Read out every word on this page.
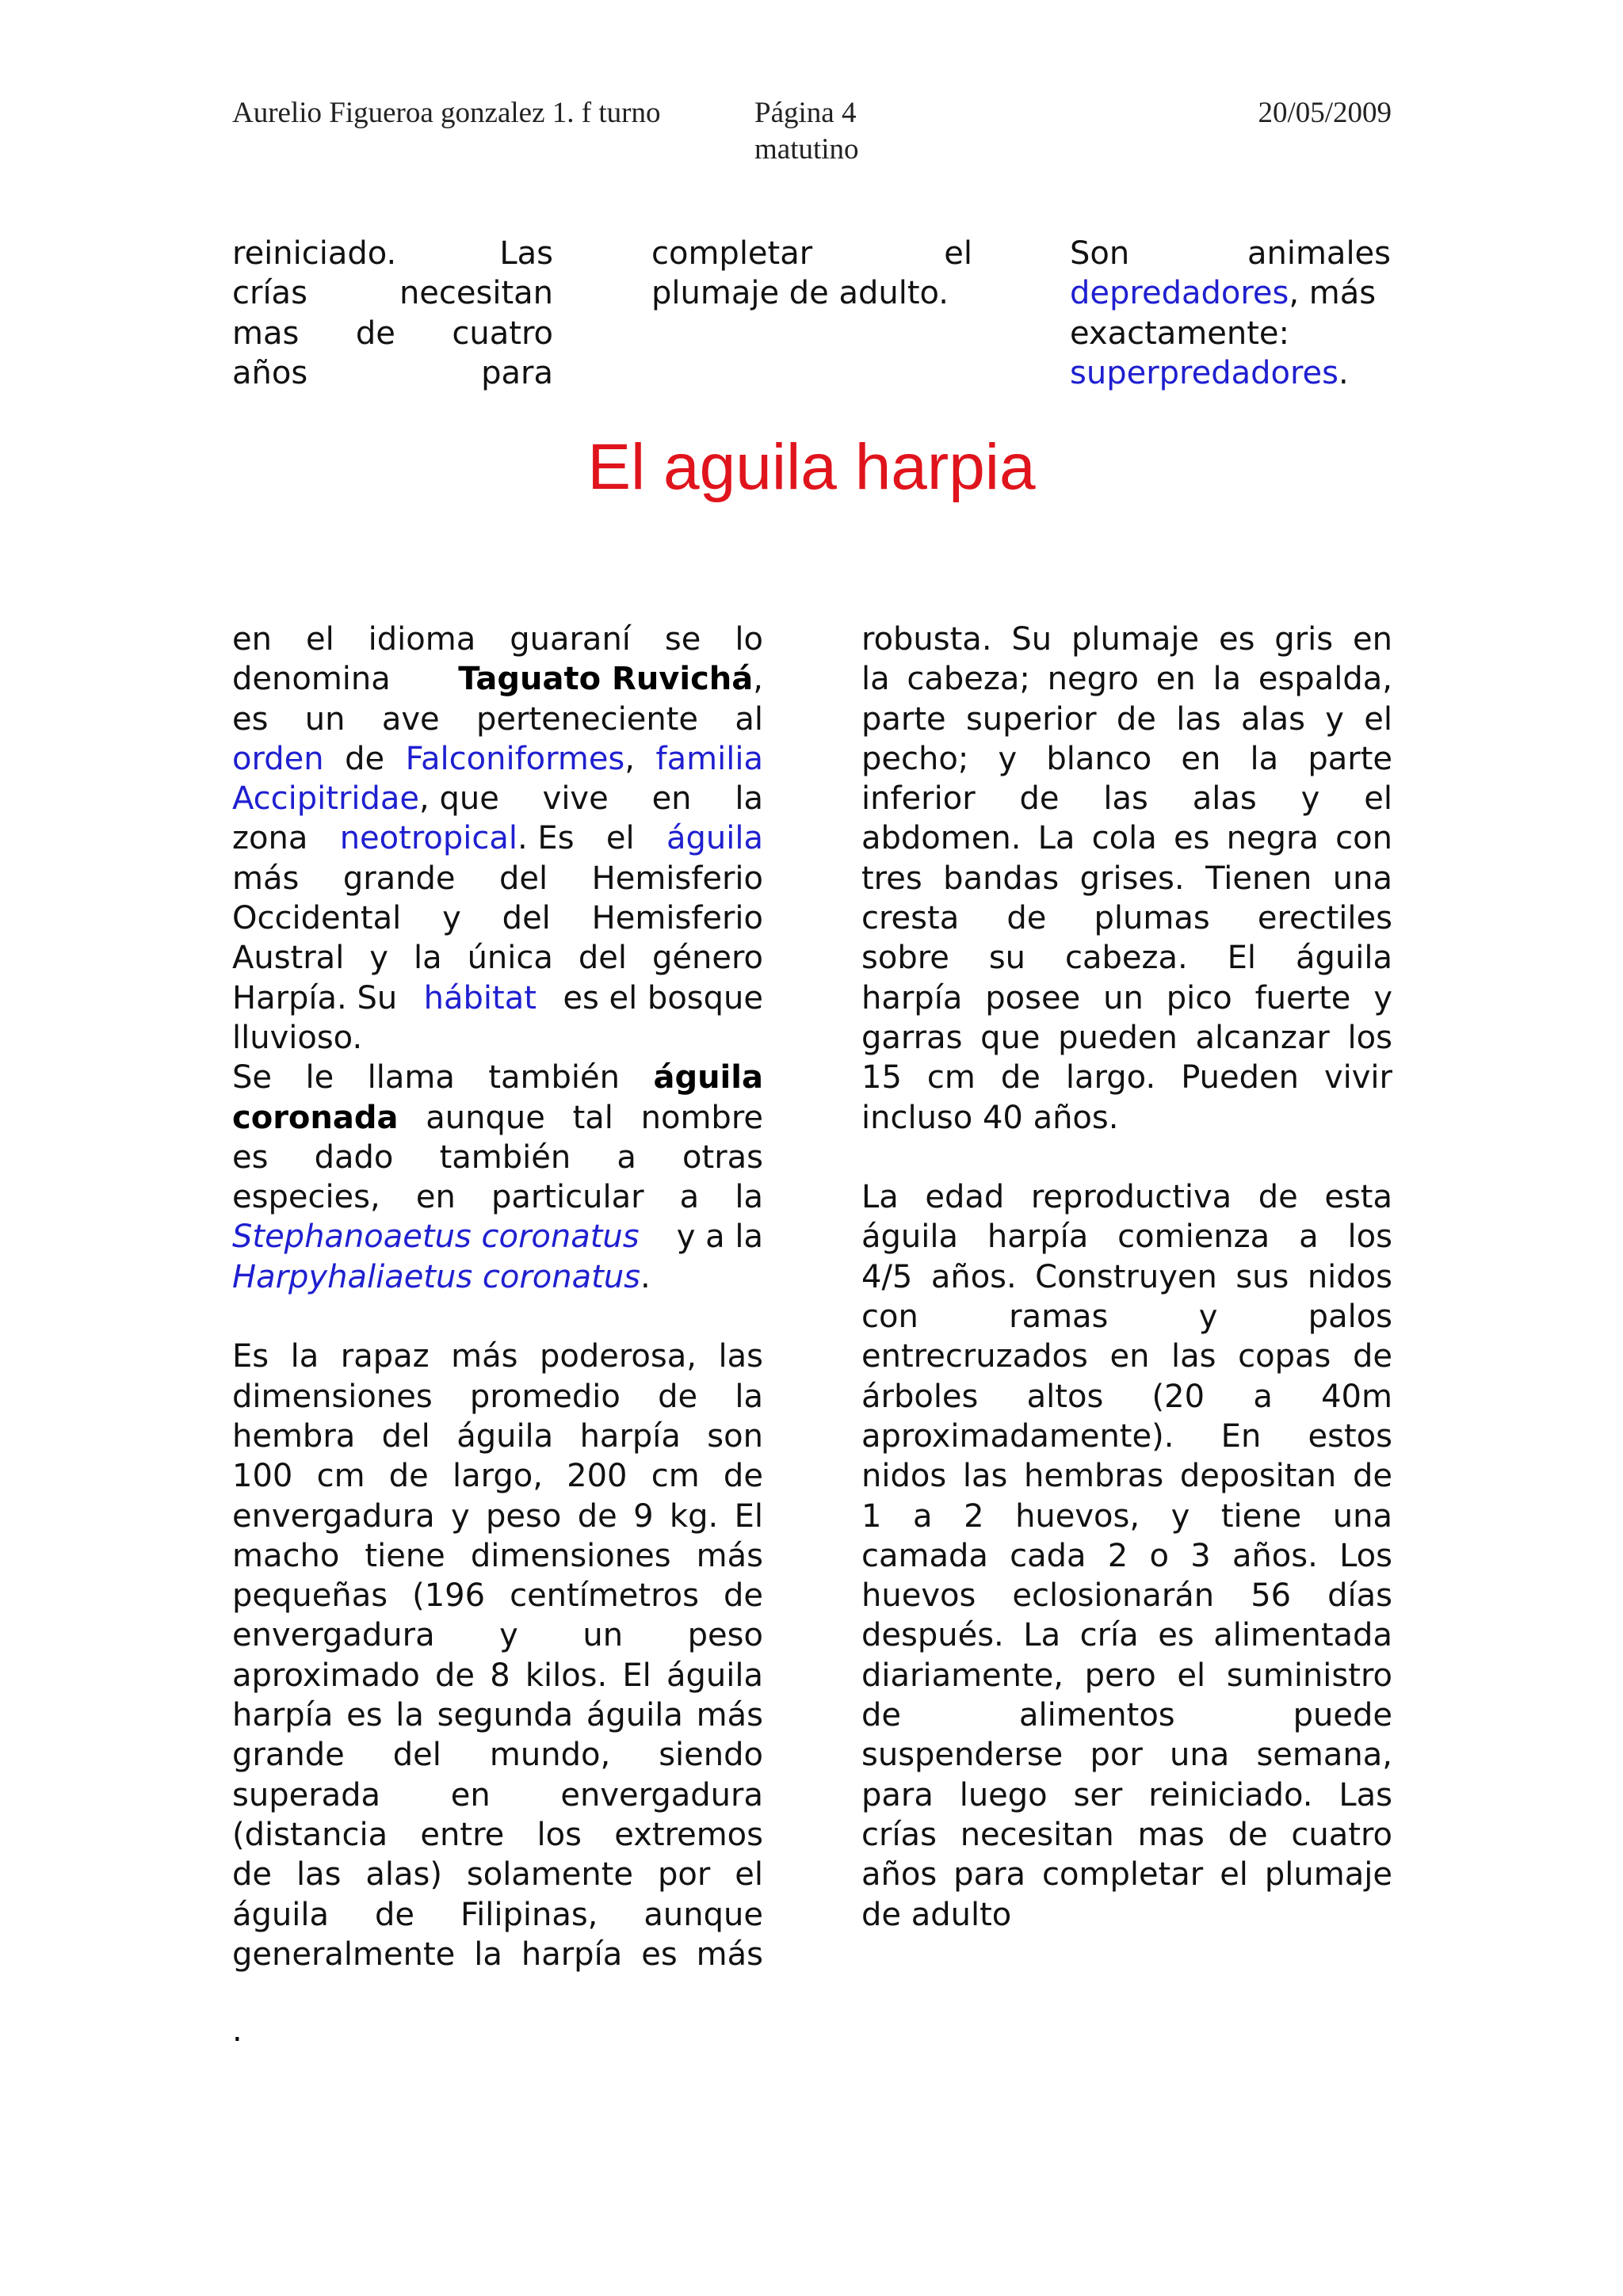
Aurelio Figueroa gonzalez 1. f turno	Página 4
matutino
20/05/2009
reiniciado.	Las
crías	necesitan
mas de cuatro
años	para
completar	el
plumaje de adulto.
Son	animales
depredadores, más
exactamente:
superpredadores .
El aguila harpia
en el idioma guaraní se lo
denomina Taguato Ruvichá,
es un ave perteneciente al
orden de Falconiformes, familia
Accipitridae, que vive en la
zona neotropical. Es el águila
más grande del Hemisferio
Occidental y del Hemisferio
Austral y la única del género
Harpía. Su hábitat es el bosque
lluvioso.
Se le llama también águila
coronada aunque tal nombre
es dado también a otras
especies, en particular a la
Stephanoaetus coronatus y a la
Harpyhaliaetus coronatus .
Es la rapaz más poderosa, las
dimensiones promedio de la
hembra del águila harpía son
100 cm de largo, 200 cm de
envergadura y peso de 9 kg. El
macho tiene dimensiones más
pequeñas (196 centímetros de
envergadura y un peso
aproximado de 8 kilos. El águila
harpía es la segunda águila más
grande del mundo, siendo
superada en envergadura
(distancia entre los extremos
de las alas) solamente por el
águila de Filipinas, aunque
generalmente la harpía es más
robusta. Su plumaje es gris en
la cabeza; negro en la espalda,
parte superior de las alas y el
pecho; y blanco en la parte
inferior de las alas y el
abdomen. La cola es negra con
tres bandas grises. Tienen una
cresta de plumas erectiles
sobre su cabeza. El águila
harpía posee un pico fuerte y
garras que pueden alcanzar los
15 cm de largo. Pueden vivir
incluso 40 años.
La edad reproductiva de esta
águila harpía comienza a los
4/5 años. Construyen sus nidos
con	ramas	y	palos
entrecruzados en las copas de
árboles altos (20 a 40m
aproximadamente). En estos
nidos las hembras depositan de
1 a 2 huevos, y tiene una
camada cada 2 o 3 años. Los
huevos eclosionarán 56 días
después. La cría es alimentada
diariamente, pero el suministro
de	alimentos	puede
suspenderse por una semana,
para luego ser reiniciado. Las
crías necesitan mas de cuatro
años para completar el plumaje
de adulto
.
